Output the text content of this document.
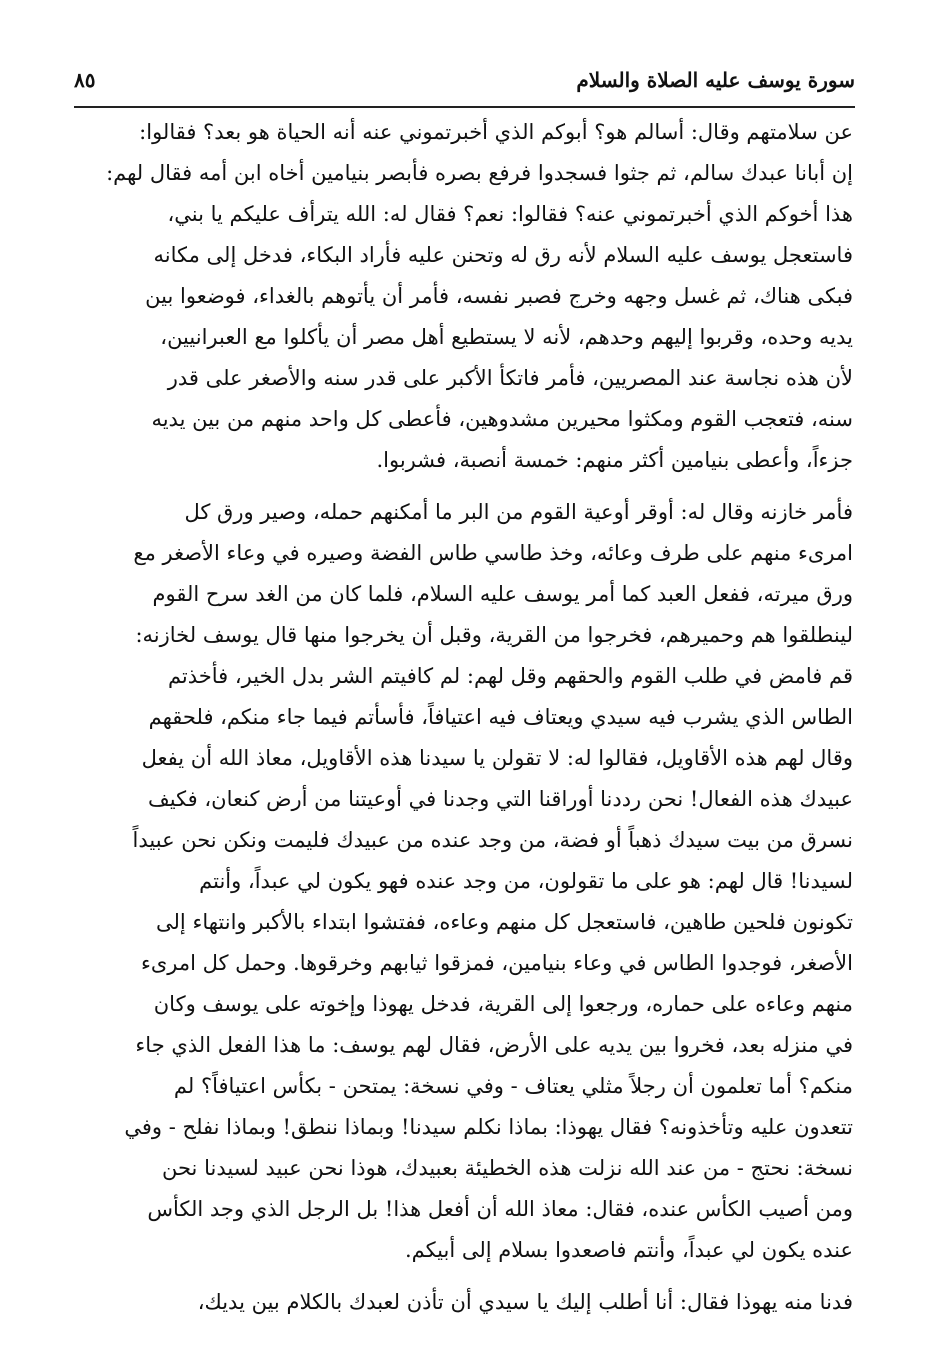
سورة يوسف عليه الصلاة والسلام
٨٥
عن سلامتهم وقال: أسالم هو؟ أبوكم الذي أخبرتموني عنه أنه الحياة هو بعد؟ فقالوا:
إن أبانا عبدك سالم، ثم جثوا فسجدوا فرفع بصره فأبصر بنيامين أخاه ابن أمه فقال لهم:
هذا أخوكم الذي أخبرتموني عنه؟ فقالوا: نعم؟ فقال له: الله يترأف عليكم يا بني،
فاستعجل يوسف عليه السلام لأنه رق له وتحنن عليه فأراد البكاء، فدخل إلى مكانه
فبكى هناك، ثم غسل وجهه وخرج فصبر نفسه، فأمر أن يأتوهم بالغداء، فوضعوا بين
يديه وحده، وقربوا إليهم وحدهم، لأنه لا يستطيع أهل مصر أن يأكلوا مع العبرانيين،
لأن هذه نجاسة عند المصريين، فأمر فاتكأ الأكبر على قدر سنه والأصغر على قدر
سنه، فتعجب القوم ومكثوا محيرين مشدوهين، فأعطى كل واحد منهم من بين يديه
جزءاً، وأعطى بنيامين أكثر منهم: خمسة أنصبة، فشربوا.
فأمر خازنه وقال له: أوقر أوعية القوم من البر ما أمكنهم حمله، وصير ورق كل
امرىء منهم على طرف وعائه، وخذ طاسي طاس الفضة وصيره في وعاء الأصغر مع
ورق ميرته، ففعل العبد كما أمر يوسف عليه السلام، فلما كان من الغد سرح القوم
لينطلقوا هم وحميرهم، فخرجوا من القرية، وقبل أن يخرجوا منها قال يوسف لخازنه:
قم فامض في طلب القوم والحقهم وقل لهم: لم كافيتم الشر بدل الخير، فأخذتم
الطاس الذي يشرب فيه سيدي ويعتاف فيه اعتيافاً، فأسأتم فيما جاء منكم، فلحقهم
وقال لهم هذه الأقاويل، فقالوا له: لا تقولن يا سيدنا هذه الأقاويل، معاذ الله أن يفعل
عبيدك هذه الفعال! نحن رددنا أوراقنا التي وجدنا في أوعيتنا من أرض كنعان، فكيف
نسرق من بيت سيدك ذهباً أو فضة، من وجد عنده من عبيدك فليمت ونكن نحن عبيداً
لسيدنا! قال لهم: هو على ما تقولون، من وجد عنده فهو يكون لي عبداً، وأنتم
تكونون فلحين طاهين، فاستعجل كل منهم وعاءه، ففتشوا ابتداء بالأكبر وانتهاء إلى
الأصغر، فوجدوا الطاس في وعاء بنيامين، فمزقوا ثيابهم وخرقوها. وحمل كل امرىء
منهم وعاءه على حماره، ورجعوا إلى القرية، فدخل يهوذا وإخوته على يوسف وكان
في منزله بعد، فخروا بين يديه على الأرض، فقال لهم يوسف: ما هذا الفعل الذي جاء
منكم؟ أما تعلمون أن رجلاً مثلي يعتاف - وفي نسخة: يمتحن - بكأس اعتيافاً؟ لم
تتعدون عليه وتأخذونه؟ فقال يهوذا: بماذا نكلم سيدنا! وبماذا ننطق! وبماذا نفلح - وفي
نسخة: نحتج - من عند الله نزلت هذه الخطيئة بعبيدك، هوذا نحن عبيد لسيدنا نحن
ومن أصيب الكأس عنده، فقال: معاذ الله أن أفعل هذا! بل الرجل الذي وجد الكأس
عنده يكون لي عبداً، وأنتم فاصعدوا بسلام إلى أبيكم.
فدنا منه يهوذا فقال: أنا أطلب إليك يا سيدي أن تأذن لعبدك بالكلام بين يديك،
